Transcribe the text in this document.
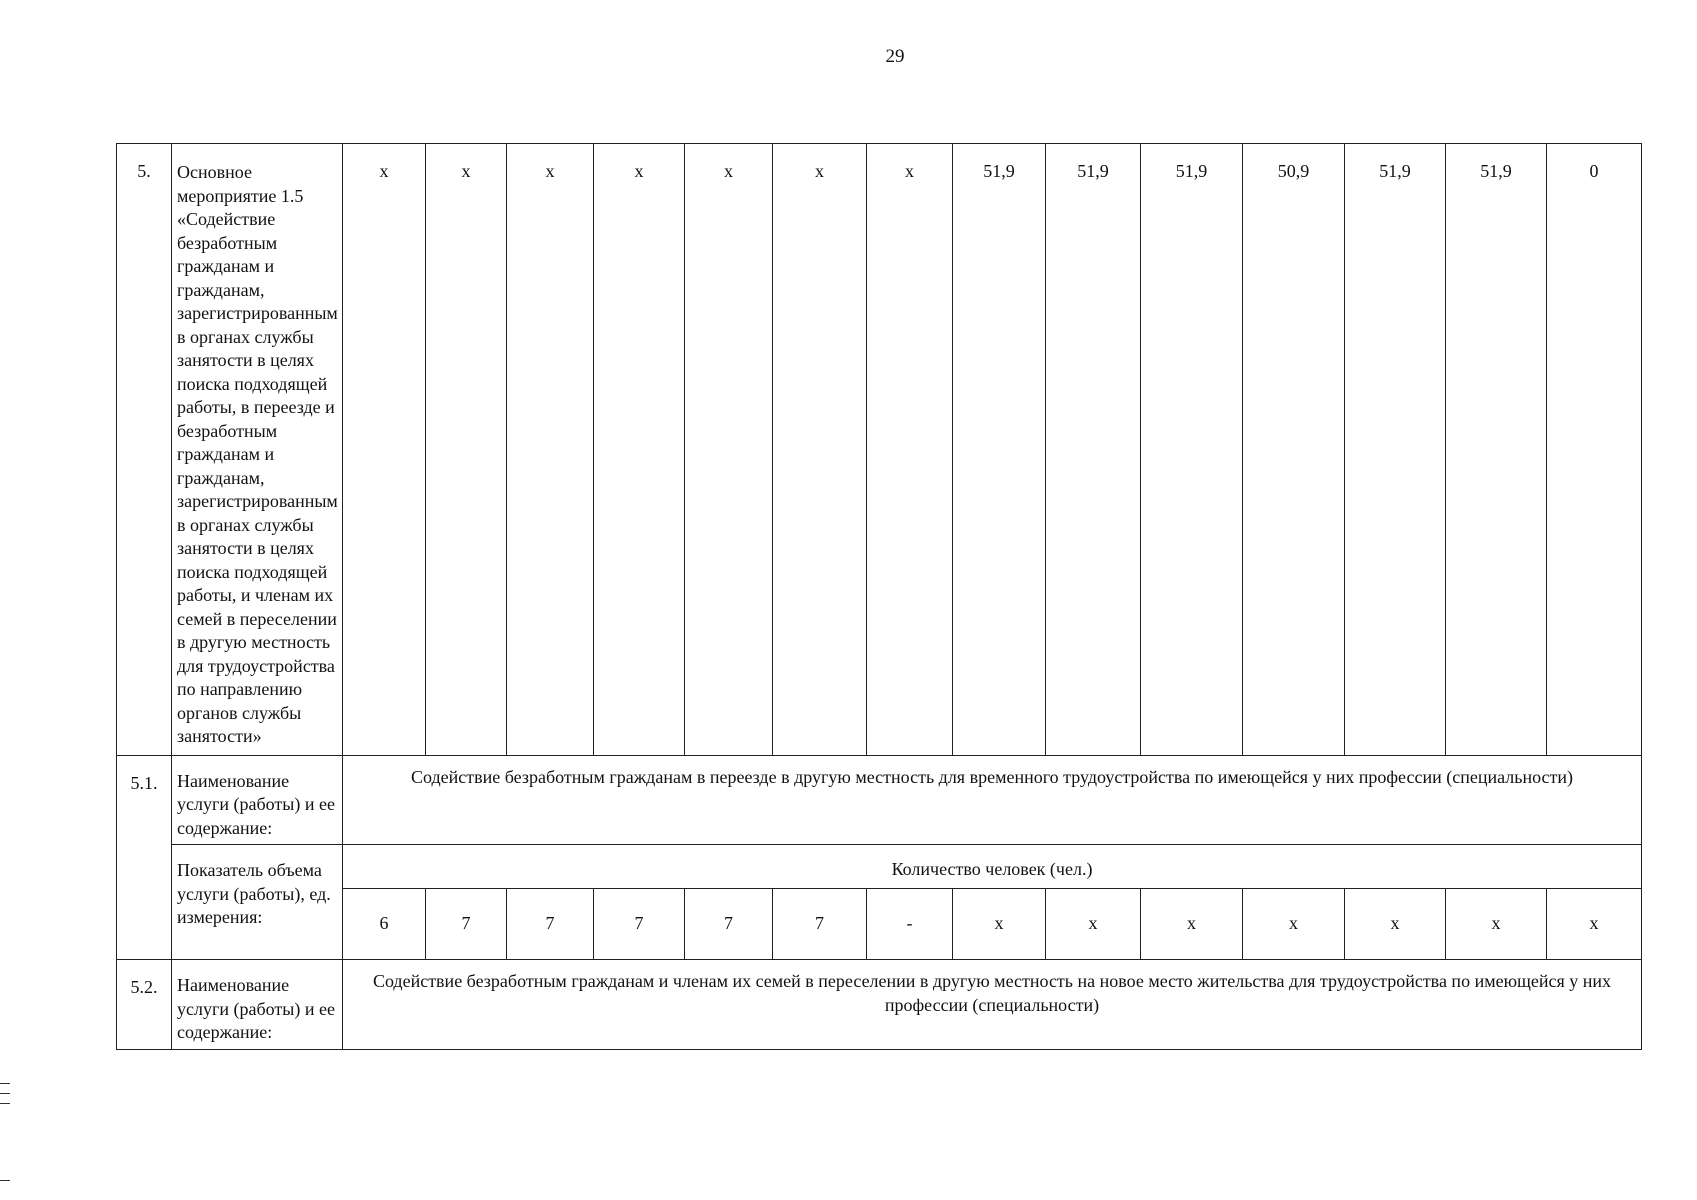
29
5.	Основное мероприятие 1.5 «Содействие безработным гражданам и гражданам, зарегистрированным в органах службы занятости в целях поиска подходящей работы, в переезде и безработным гражданам и гражданам, зарегистрированным в органах службы занятости в целях поиска подходящей работы, и членам их семей в переселении в другую местность для трудоустройства по направлению органов службы занятости»	х	х	х	х	х	х	х	51,9	51,9	51,9	50,9	51,9	51,9	0
5.1.	Наименование услуги (работы) и ее содержание:	Содействие безработным гражданам в переезде в другую местность для временного трудоустройства по имеющейся у них профессии (специальности)													
	Показатель объема услуги (работы), ед. измерения:	Количество человек (чел.)													
		6	7	7	7	7	7	-	х	х	х	х	х	х	х
5.2.	Наименование услуги (работы) и ее содержание:	Содействие безработным гражданам и членам их семей в переселении в другую местность на новое место жительства для трудоустройства по имеющейся у них профессии (специальности)													
